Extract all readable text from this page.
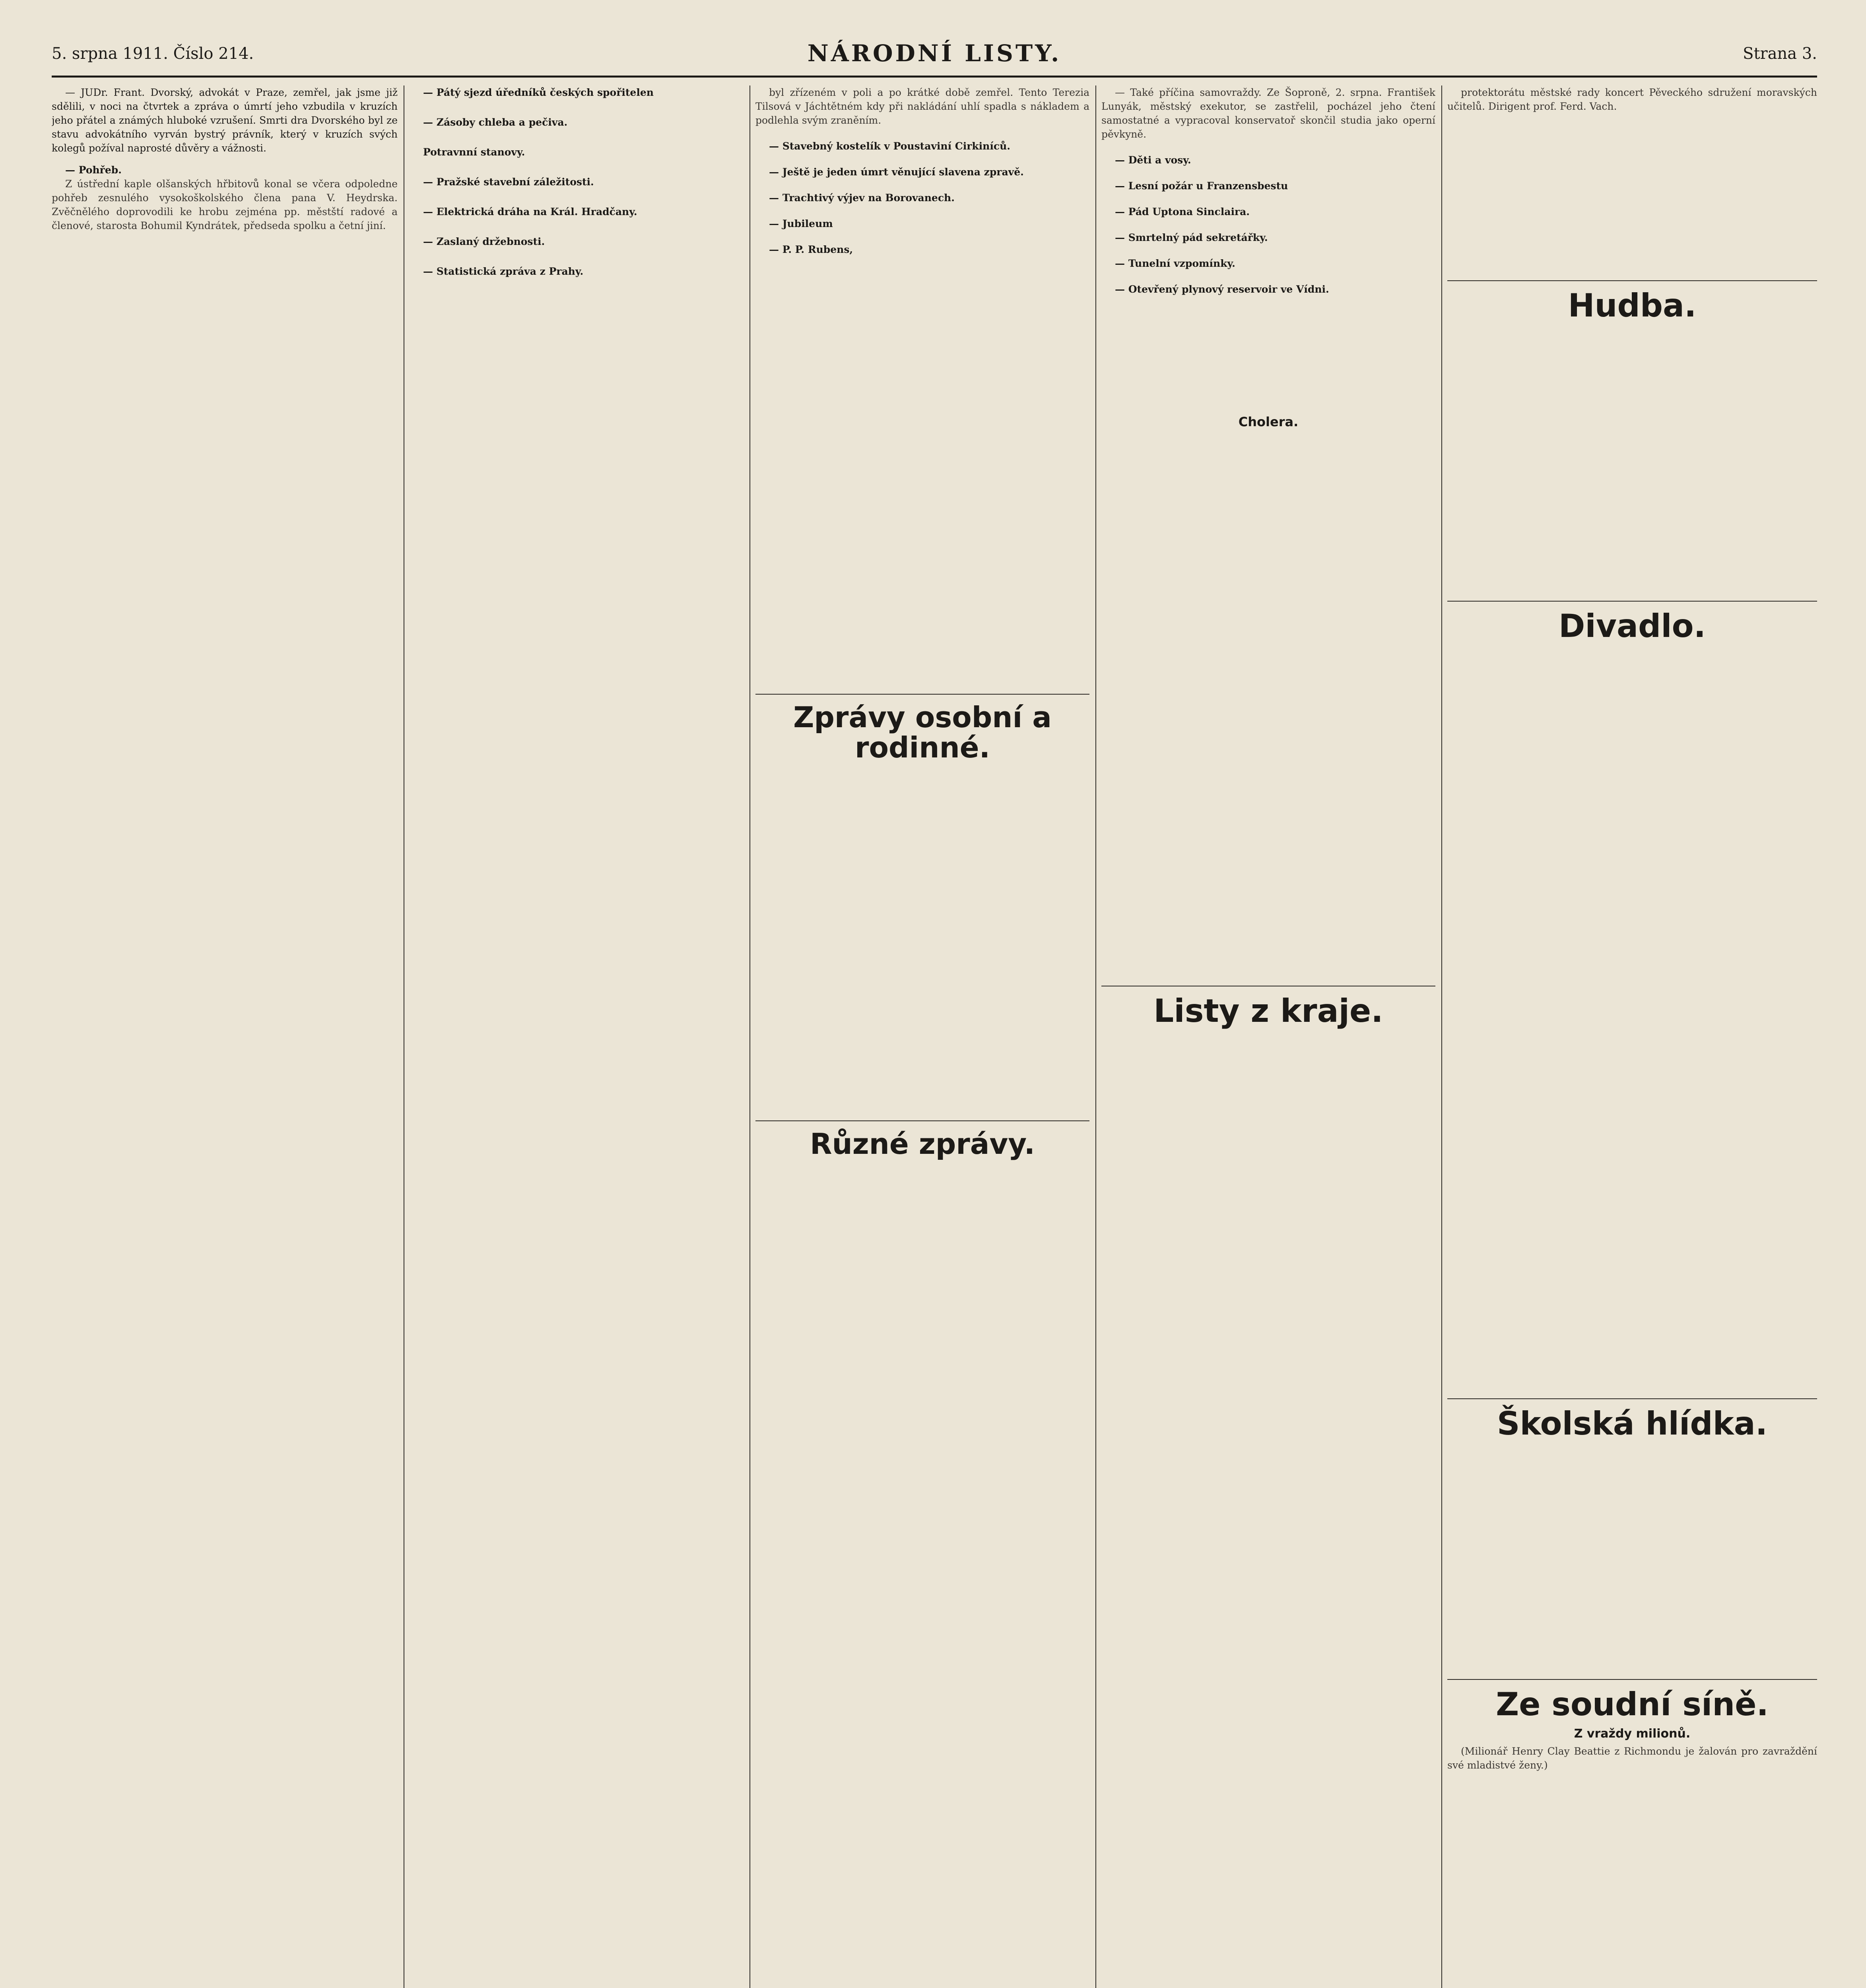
5. srpna 1911. Číslo 214.	NÁRODNÍ LISTY.	Strana 3.

— JUDr. Frant. Dvorský, advokát v Praze, zemřel, jak jsme již sdělili, v noci na čtvrtek a zpráva o úmrtí jeho vzbudila v kruzích jeho přátel a známých hluboké vzrušení. Smrti dra Dvorského byl ze stavu advokátního vyrván bystrý právník, který v kruzích svých kolegů požíval naprosté důvěry a vážnosti.

— Pohřeb.

Z ústřední kaple olšanských hřbitovů konal se včera odpoledne pohřeb zesnulého vysokoškolského člena pana V. Heydrska. Zvěčnělého doprovodili ke hrobu zejména pp. městští radové a členové, starosta Bohumil Kyndrátek, předseda spolku a četní jiní.

— Pátý sjezd úředníků českých spořitelen

— Zásoby chleba a pečiva.

Potravnní stanovy.

— Pražské stavební záležitosti.

— Elektrická dráha na Král. Hradčany.

— Zaslaný držebnosti.

— Statistická zpráva z Prahy.

byl zřízeném v poli a po krátké době zemřel. Tento Terezia Tilsová v Jáchtětném kdy při nakládání uhlí spadla s nákladem a podlehla svým zraněním.

— Stavebný kostelík v Poustaviní Cirkiníců.

— Ještě je jeden úmrt věnující slavena zpravě.

— Trachtivý výjev na Borovanech.

— Jubileum

— P. P. Rubens,

Zprávy osobní a rodinné.

Různé zprávy.

— Také příčina samovraždy. Ze Šoproně, 2. srpna. František Lunyák, městský exekutor, se zastřelil, pocházel jeho čtení samostatné a vypracoval konservatoř skončil studia jako operní pěvkyně.

— Děti a vosy.

— Lesní požár u Franzensbestu

— Pád Uptona Sinclaira.

— Smrtelný pád sekretářky.

— Tunelní vzpomínky.

— Otevřený plynový reservoir ve Vídni.

Cholera.

Listy z kraje.

protektorátu městské rady koncert Pěveckého sdružení moravských učitelů. Dirigent prof. Ferd. Vach.

Hudba.

Divadlo.

Školská hlídka.

Ze soudní síně.

Z vraždy milionů.

(Milionář Henry Clay Beattie z Richmondu je žalován pro zavraždění své mladistvé ženy.)
